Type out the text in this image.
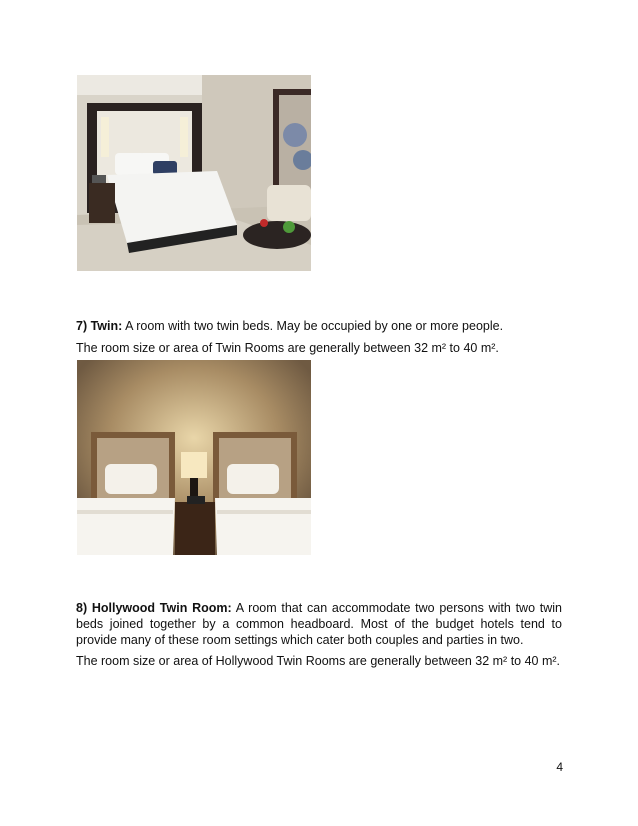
7) Twin: A room with two twin beds. May be occupied by one or more people.

The room size or area of Twin Rooms are generally between 32 m² to 40 m².

8) Hollywood Twin Room: A room that can accommodate two persons with two twin beds joined together by a common headboard. Most of the budget hotels tend to provide many of these room settings which cater both couples and parties in two.

The room size or area of Hollywood Twin Rooms are generally between 32 m² to 40 m².

4
